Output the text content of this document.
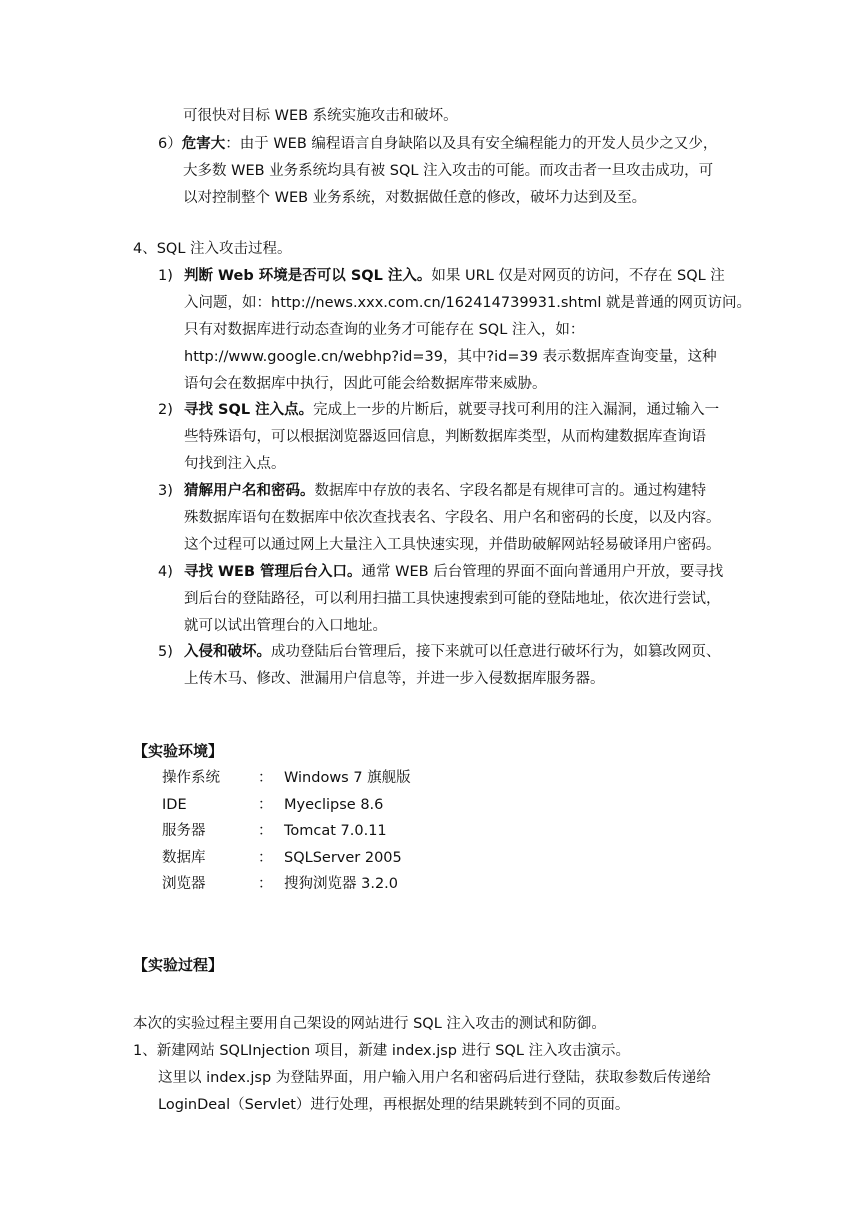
可很快对目标 WEB 系统实施攻击和破坏。
6）危害大：由于 WEB 编程语言自身缺陷以及具有安全编程能力的开发人员少之又少，
大多数 WEB 业务系统均具有被 SQL 注入攻击的可能。而攻击者一旦攻击成功，可
以对控制整个 WEB 业务系统，对数据做任意的修改，破坏力达到及至。
4、SQL 注入攻击过程。
1) 判断 Web 环境是否可以 SQL 注入。如果 URL 仅是对网页的访问，不存在 SQL 注
入问题，如：http://news.xxx.com.cn/162414739931.shtml 就是普通的网页访问。
只有对数据库进行动态查询的业务才可能存在 SQL 注入，如：
http://www.google.cn/webhp?id=39，其中?id=39 表示数据库查询变量，这种
语句会在数据库中执行，因此可能会给数据库带来威胁。
2) 寻找 SQL 注入点。完成上一步的片断后，就要寻找可利用的注入漏洞，通过输入一
些特殊语句，可以根据浏览器返回信息，判断数据库类型，从而构建数据库查询语
句找到注入点。
3) 猜解用户名和密码。数据库中存放的表名、字段名都是有规律可言的。通过构建特
殊数据库语句在数据库中依次查找表名、字段名、用户名和密码的长度，以及内容。
这个过程可以通过网上大量注入工具快速实现，并借助破解网站轻易破译用户密码。
4) 寻找 WEB 管理后台入口。通常 WEB 后台管理的界面不面向普通用户开放，要寻找
到后台的登陆路径，可以利用扫描工具快速搜索到可能的登陆地址，依次进行尝试，
就可以试出管理台的入口地址。
5) 入侵和破坏。成功登陆后台管理后，接下来就可以任意进行破坏行为，如篡改网页、
上传木马、修改、泄漏用户信息等，并进一步入侵数据库服务器。
【实验环境】
操作系统	： Windows 7 旗舰版
IDE	： Myeclipse 8.6
服务器	： Tomcat 7.0.11
数据库	： SQLServer 2005
浏览器	： 搜狗浏览器 3.2.0
【实验过程】
本次的实验过程主要用自己架设的网站进行 SQL 注入攻击的测试和防御。
1、新建网站 SQLInjection 项目，新建 index.jsp 进行 SQL 注入攻击演示。
这里以 index.jsp 为登陆界面，用户输入用户名和密码后进行登陆，获取参数后传递给
LoginDeal（Servlet）进行处理，再根据处理的结果跳转到不同的页面。
